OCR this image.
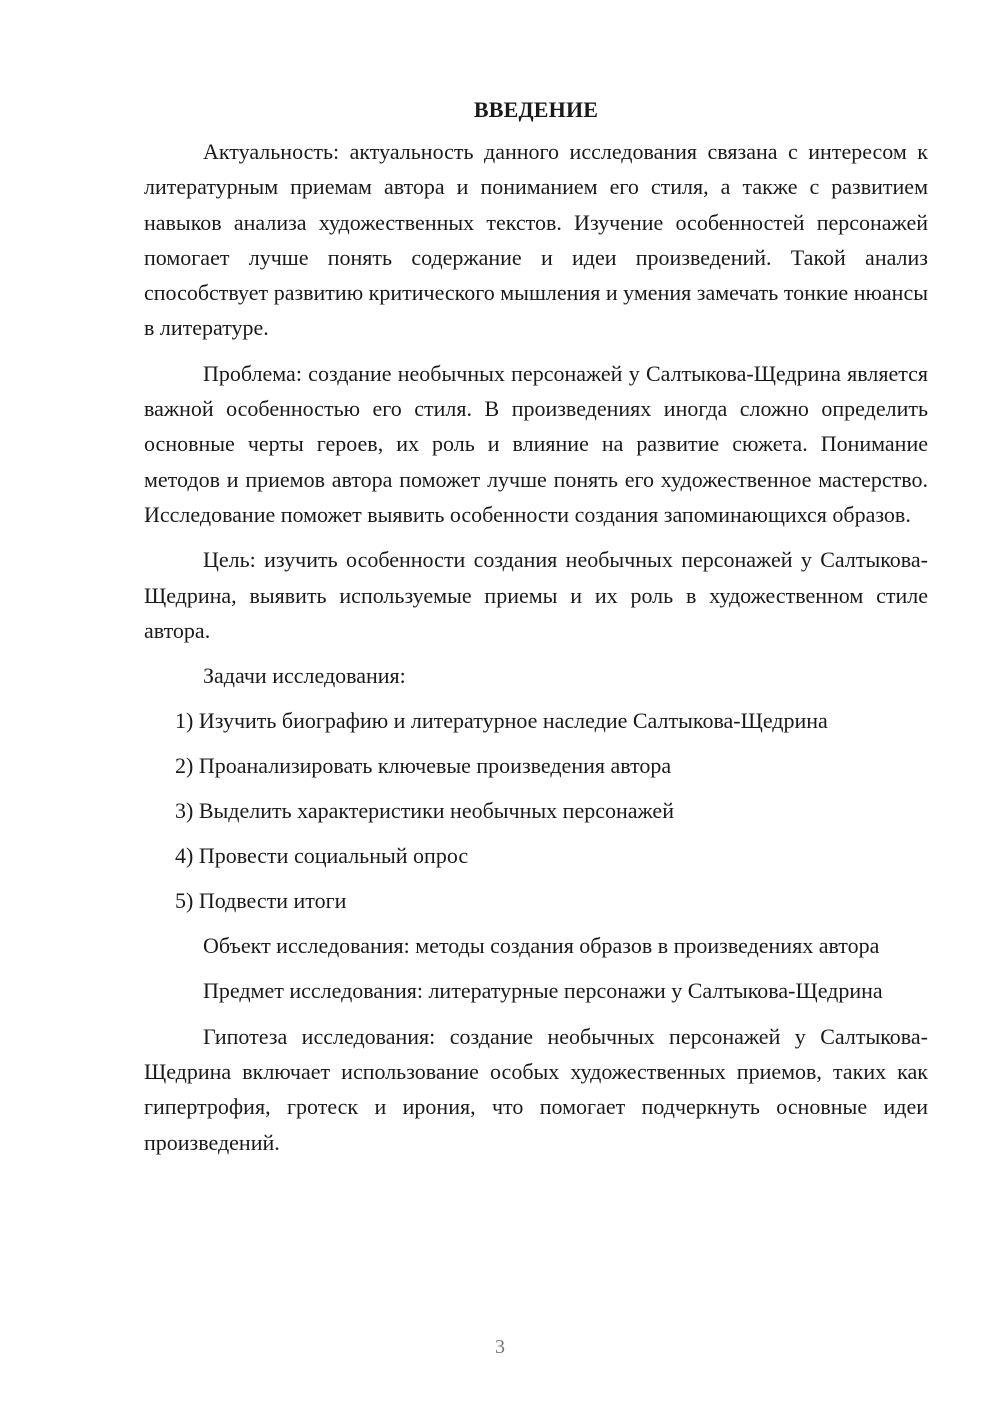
ВВЕДЕНИЕ

Актуальность: актуальность данного исследования связана с интересом к литературным приемам автора и пониманием его стиля, а также с развитием навыков анализа художественных текстов. Изучение особенностей персонажей помогает лучше понять содержание и идеи произведений. Такой анализ способствует развитию критического мышления и умения замечать тонкие нюансы в литературе.

Проблема: создание необычных персонажей у Салтыкова-Щедрина является важной особенностью его стиля. В произведениях иногда сложно определить основные черты героев, их роль и влияние на развитие сюжета. Понимание методов и приемов автора поможет лучше понять его художественное мастерство. Исследование поможет выявить особенности создания запоминающихся образов.

Цель: изучить особенности создания необычных персонажей у Салтыкова-Щедрина, выявить используемые приемы и их роль в художественном стиле автора.

Задачи исследования:

1) Изучить биографию и литературное наследие Салтыкова-Щедрина
2) Проанализировать ключевые произведения автора
3) Выделить характеристики необычных персонажей
4) Провести социальный опрос
5) Подвести итоги

Объект исследования: методы создания образов в произведениях автора

Предмет исследования: литературные персонажи у Салтыкова-Щедрина

Гипотеза исследования: создание необычных персонажей у Салтыкова-Щедрина включает использование особых художественных приемов, таких как гипертрофия, гротеск и ирония, что помогает подчеркнуть основные идеи произведений.

3
